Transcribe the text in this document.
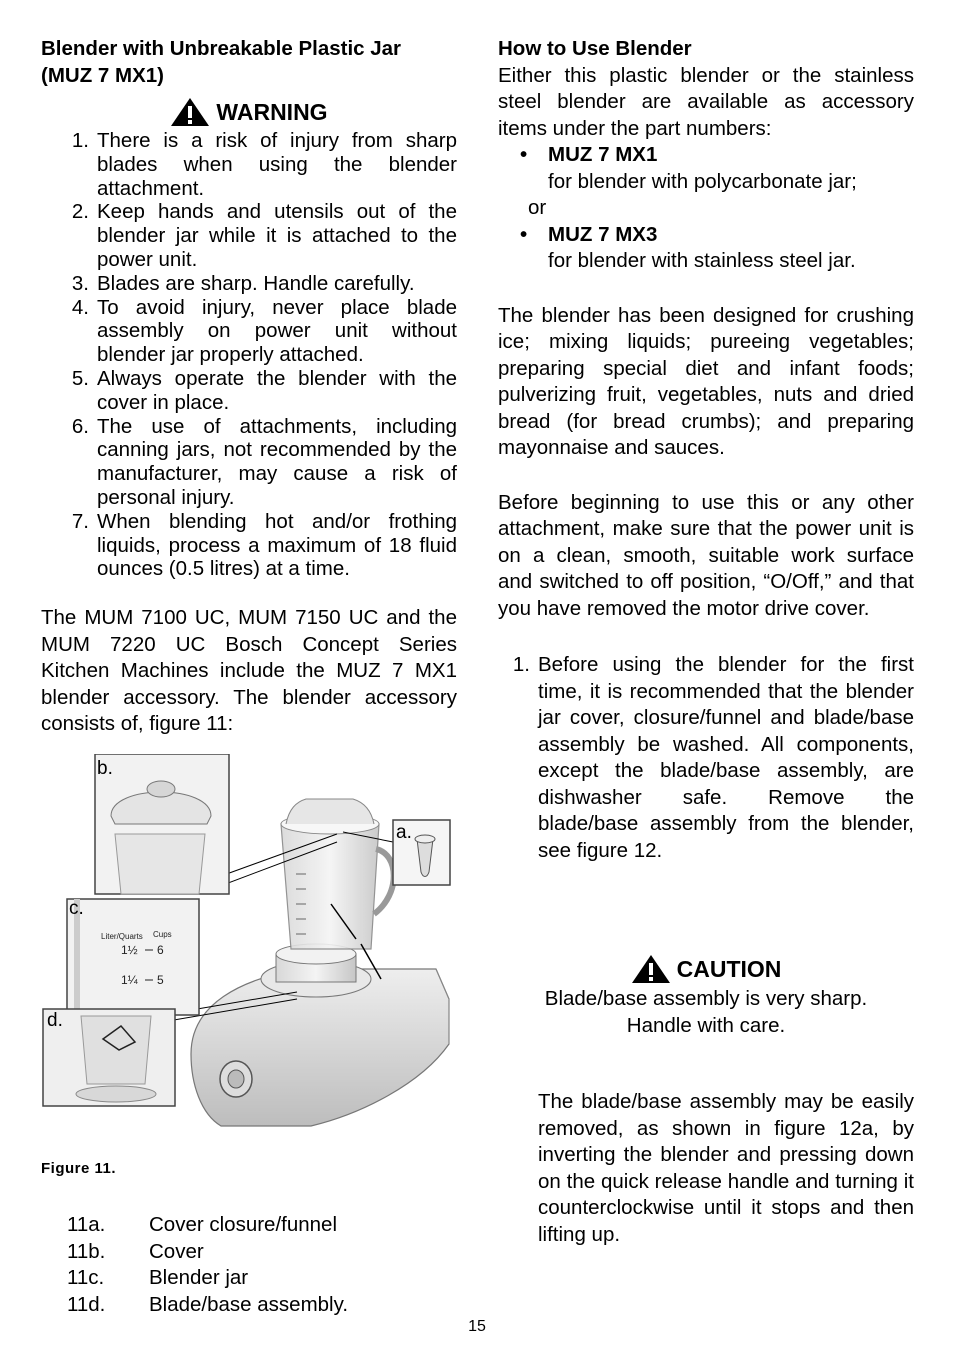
Blender with Unbreakable Plastic Jar
(MUZ 7 MX1)
WARNING
1. There is a risk of injury from sharp blades when using the blender attachment.
2. Keep hands and utensils out of the blender jar while it is attached to the power unit.
3. Blades are sharp. Handle carefully.
4. To avoid injury, never place blade assembly on power unit without blender jar properly attached.
5. Always operate the blender with the cover in place.
6. The use of attachments, including canning jars, not recommended by the manufacturer, may cause a risk of personal injury.
7. When blending hot and/or frothing liquids, process a maximum of 18 fluid ounces (0.5 litres) at a time.
The MUM 7100 UC, MUM 7150 UC and the MUM 7220 UC Bosch Concept Series Kitchen Machines include the MUZ 7 MX1 blender accessory. The blender accessory consists of, figure 11:
Liter/Quarts Cups
1½ 6
1¼ 5
b.
a.
c.
d.
Figure 11.
11a.	Cover closure/funnel
11b.	Cover
11c.	Blender jar
11d.	Blade/base assembly.
How to Use Blender
Either this plastic blender or the stainless steel blender are available as accessory items under the part numbers:
•	MUZ 7 MX1
for blender with polycarbonate jar;
or
•	MUZ 7 MX3
for blender with stainless steel jar.
The blender has been designed for crushing ice; mixing liquids; pureeing vegetables; preparing special diet and infant foods; pulverizing fruit, vegetables, nuts and dried bread (for bread crumbs); and preparing mayonnaise and sauces.
Before beginning to use this or any other attachment, make sure that the power unit is on a clean, smooth, suitable work surface and switched to off position, “O/Off,” and that you have removed the motor drive cover.
1. Before using the blender for the first time, it is recommended that the blender jar cover, closure/funnel and blade/base assembly be washed. All components, except the blade/base assembly, are dishwasher safe. Remove the blade/base assembly from the blender, see figure 12.
CAUTION
Blade/base assembly is very sharp.
Handle with care.
The blade/base assembly may be easily removed, as shown in figure 12a, by inverting the blender and pressing down on the quick release handle and turning it counterclockwise until it stops and then lifting up.
15
